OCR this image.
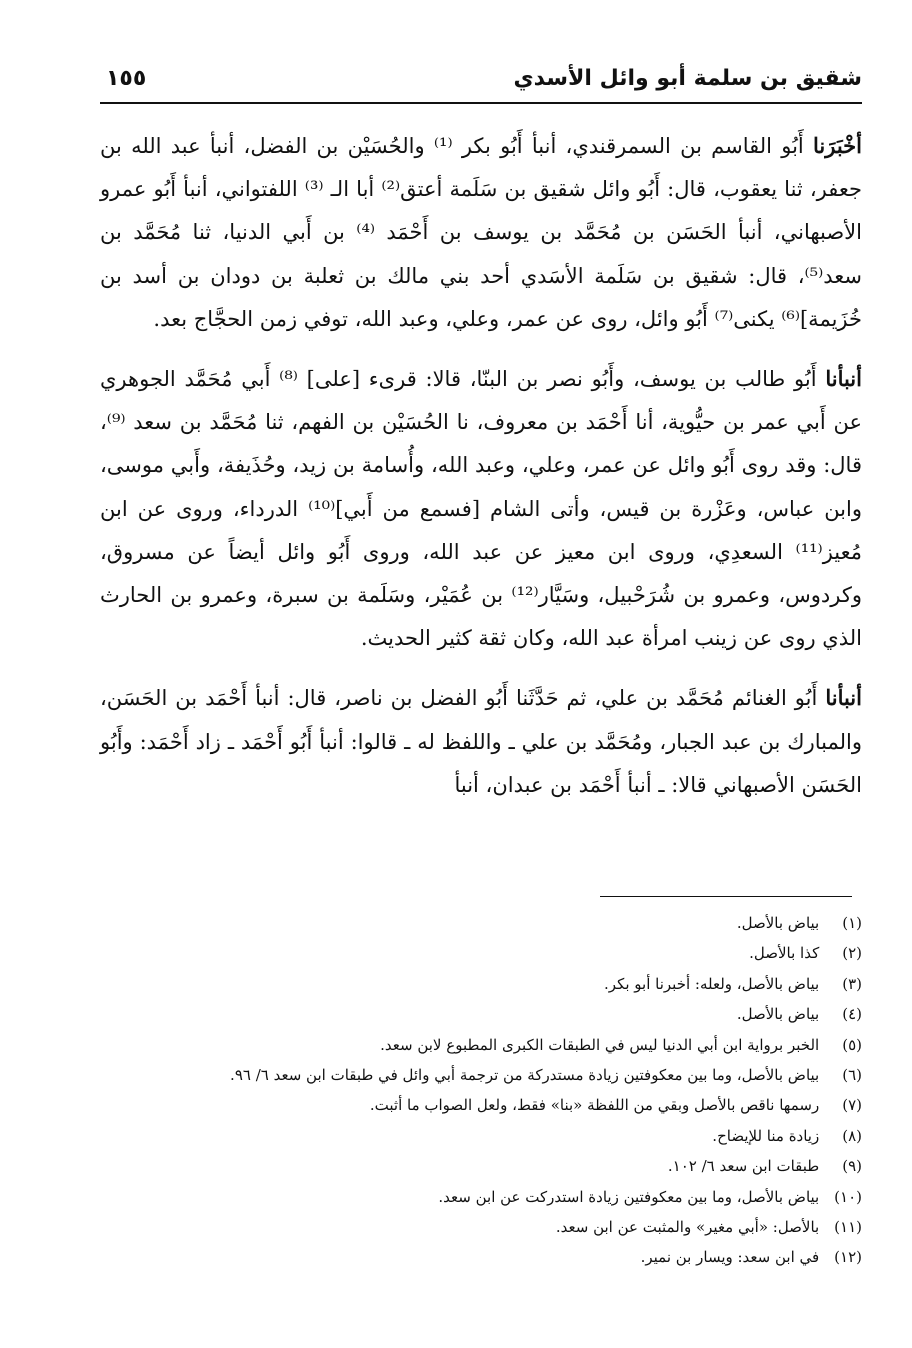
شقيق بن سلمة أبو وائل الأسدي
١٥٥

أخْبَرَنا أَبُو القاسم بن السمرقندي، أنبأ أَبُو بكر ⁽¹⁾ والحُسَيْن بن الفضل، أنبأ عبد الله بن جعفر، ثنا يعقوب، قال: أَبُو وائل شقيق بن سَلَمة أعتق⁽²⁾ أبا الـ ⁽³⁾ اللفتواني، أنبأ أَبُو عمرو الأصبهاني، أنبأ الحَسَن بن مُحَمَّد بن يوسف بن أَحْمَد ⁽⁴⁾ بن أَبي الدنيا، ثنا مُحَمَّد بن سعد⁽⁵⁾، قال: شقيق بن سَلَمة الأسَدي أحد بني مالك بن ثعلبة بن دودان بن أسد بن خُزَيمة]⁽⁶⁾ يكنى⁽⁷⁾ أَبُو وائل، روى عن عمر، وعلي، وعبد الله، توفي زمن الحجَّاج بعد.

أنبأنا أَبُو طالب بن يوسف، وأَبُو نصر بن البنّا، قالا: قرىء [على] ⁽⁸⁾ أَبي مُحَمَّد الجوهري عن أَبي عمر بن حيُّوية، أنا أَحْمَد بن معروف، نا الحُسَيْن بن الفهم، ثنا مُحَمَّد بن سعد ⁽⁹⁾، قال: وقد روى أَبُو وائل عن عمر، وعلي، وعبد الله، وأُسامة بن زيد، وحُذَيفة، وأَبي موسى، وابن عباس، وعَزْرة بن قيس، وأتى الشام [فسمع من أَبي]⁽¹⁰⁾ الدرداء، وروى عن ابن مُعيز⁽¹¹⁾ السعدِي، وروى ابن معيز عن عبد الله، وروى أَبُو وائل أيضاً عن مسروق، وكردوس، وعمرو بن شُرَحْبيل، وسَيَّار⁽¹²⁾ بن عُمَيْر، وسَلَمة بن سبرة، وعمرو بن الحارث الذي روى عن زينب امرأة عبد الله، وكان ثقة كثير الحديث.

أنبأنا أَبُو الغنائم مُحَمَّد بن علي، ثم حَدَّثَنا أَبُو الفضل بن ناصر، قال: أنبأ أَحْمَد بن الحَسَن، والمبارك بن عبد الجبار، ومُحَمَّد بن علي ـ واللفظ له ـ قالوا: أنبأ أَبُو أَحْمَد ـ زاد أَحْمَد: وأَبُو الحَسَن الأصبهاني قالا: ـ أنبأ أَحْمَد بن عبدان، أنبأ

(١) بياض بالأصل.
(٢) كذا بالأصل.
(٣) بياض بالأصل، ولعله: أخبرنا أبو بكر.
(٤) بياض بالأصل.
(٥) الخبر برواية ابن أبي الدنيا ليس في الطبقات الكبرى المطبوع لابن سعد.
(٦) بياض بالأصل، وما بين معكوفتين زيادة مستدركة من ترجمة أبي وائل في طبقات ابن سعد ٦/ ٩٦.
(٧) رسمها ناقص بالأصل وبقي من اللفظة «بنا» فقط، ولعل الصواب ما أثبت.
(٨) زيادة منا للإيضاح.
(٩) طبقات ابن سعد ٦/ ١٠٢.
(١٠) بياض بالأصل، وما بين معكوفتين زيادة استدركت عن ابن سعد.
(١١) بالأصل: «أبي مغير» والمثبت عن ابن سعد.
(١٢) في ابن سعد: ويسار بن نمير.
